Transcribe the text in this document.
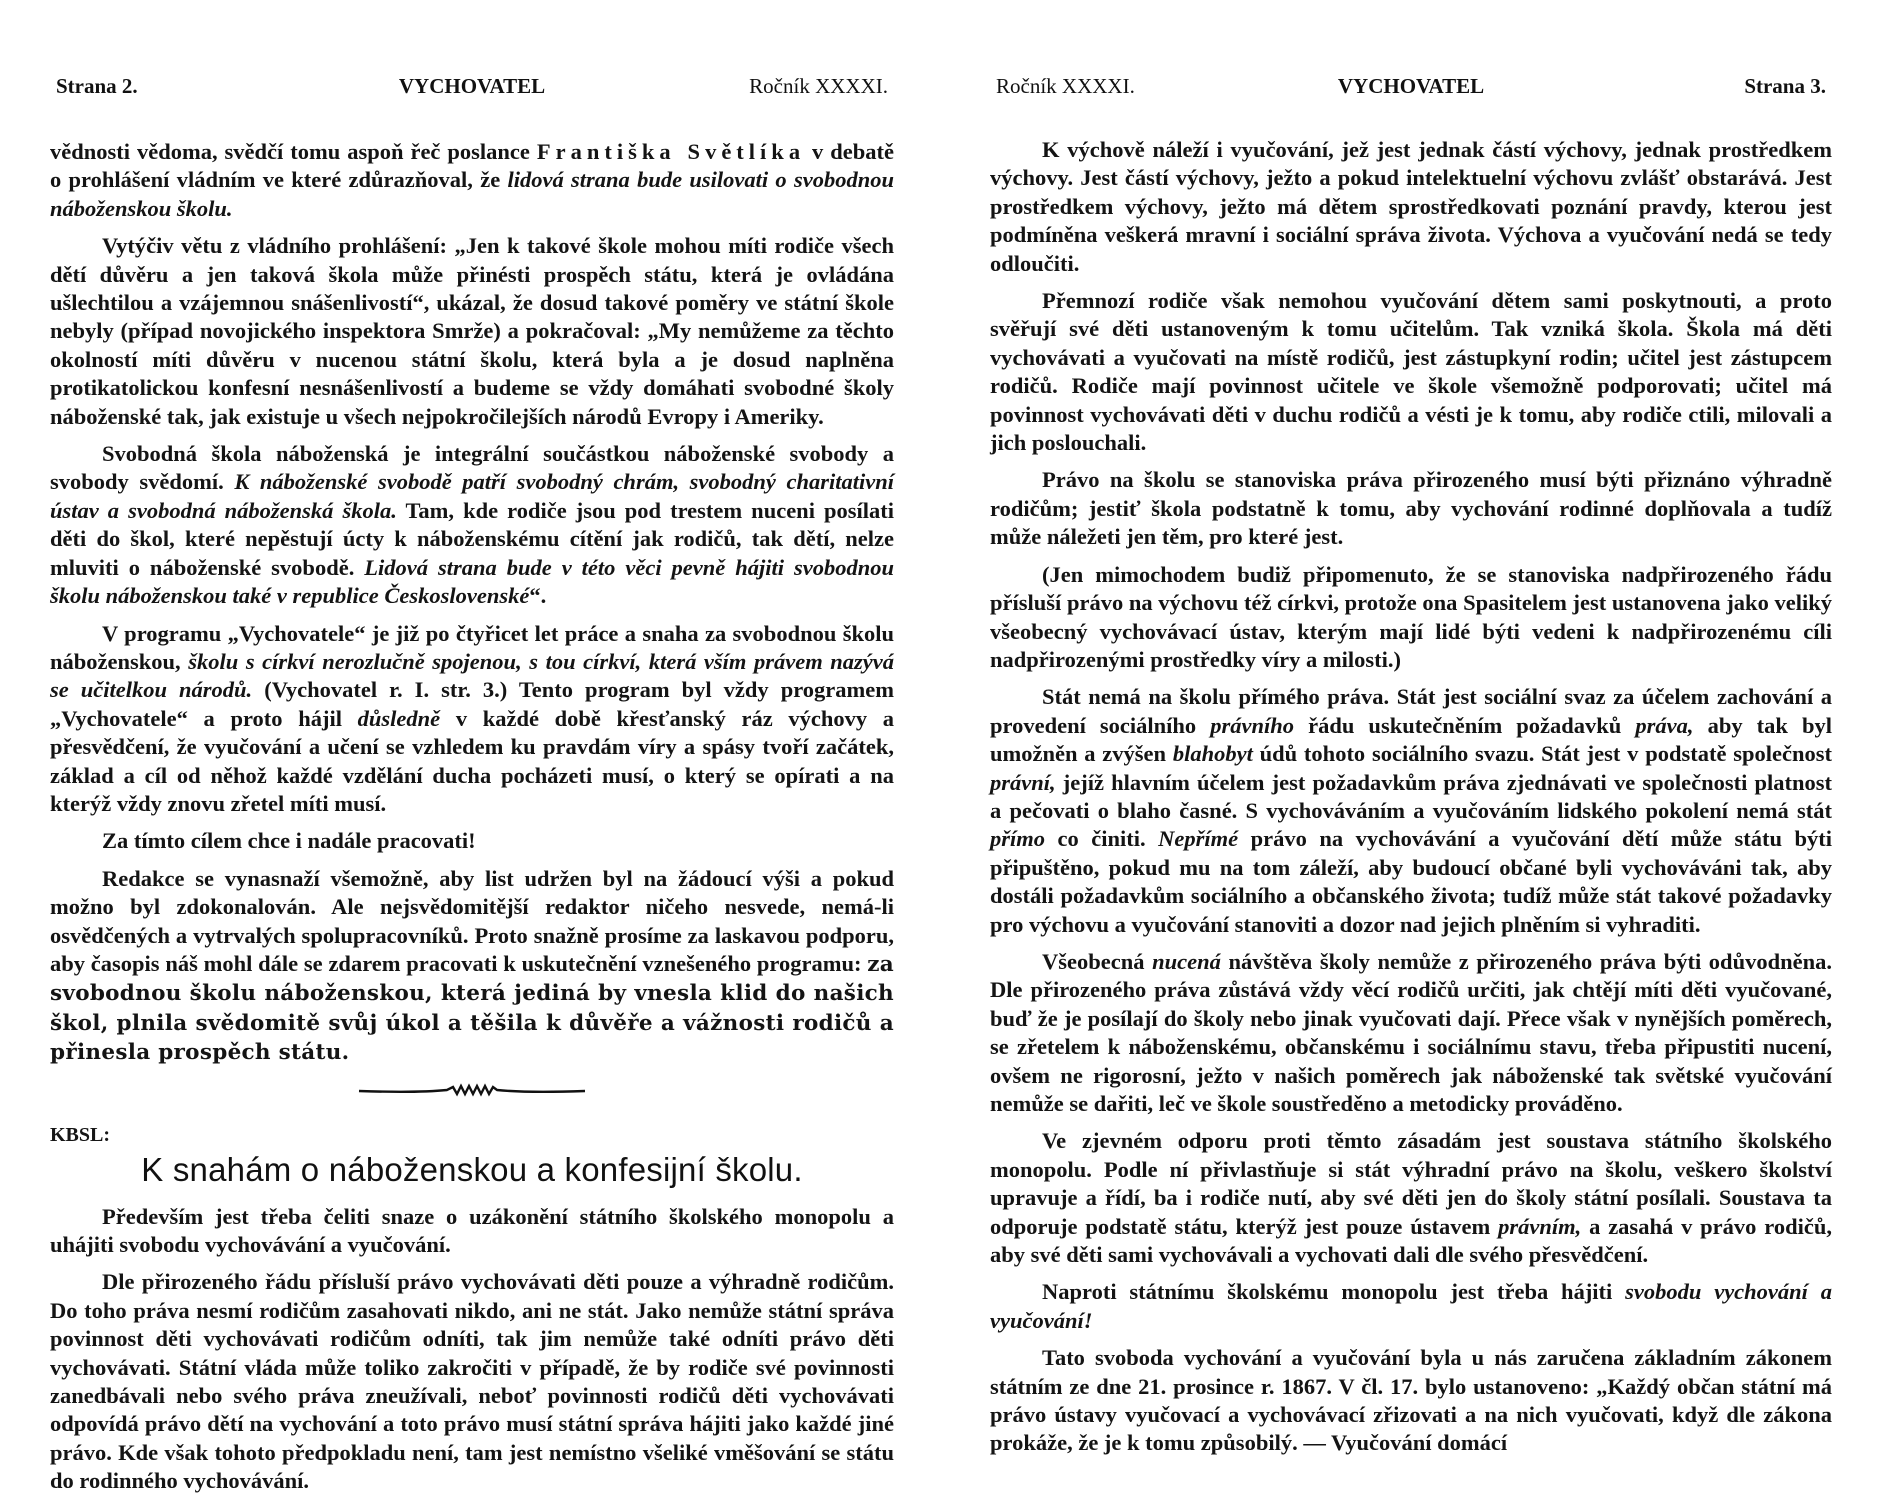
Strana 2.	VYCHOVATEL	Ročník XXXXI.

vědnosti vědoma, svědčí tomu aspoň řeč poslance Františka Světlíka v debatě o prohlášení vládním ve které zdůrazňoval, že lidová strana bude usilovati o svobodnou náboženskou školu.

Vytýčiv větu z vládního prohlášení: „Jen k takové škole mohou míti rodiče všech dětí důvěru a jen taková škola může přinésti prospěch státu, která je ovládána ušlechtilou a vzájemnou snášenlivostí“, ukázal, že dosud takové poměry ve státní škole nebyly (případ novojického inspektora Smrže) a pokračoval: „My nemůžeme za těchto okolností míti důvěru v nucenou státní školu, která byla a je dosud naplněna protikatolickou konfesní nesnášenlivostí a budeme se vždy domáhati svobodné školy náboženské tak, jak existuje u všech nejpokročilejších národů Evropy i Ameriky.

Svobodná škola náboženská je integrální součástkou náboženské svobody a svobody svědomí. K náboženské svobodě patří svobodný chrám, svobodný charitativní ústav a svobodná náboženská škola. Tam, kde rodiče jsou pod trestem nuceni posílati děti do škol, které nepěstují úcty k náboženskému cítění jak rodičů, tak dětí, nelze mluviti o náboženské svobodě. Lidová strana bude v této věci pevně hájiti svobodnou školu náboženskou také v republice Československé“.

V programu „Vychovatele“ je již po čtyřicet let práce a snaha za svobodnou školu náboženskou, školu s církví nerozlučně spojenou, s tou církví, která vším právem nazývá se učitelkou národů. (Vychovatel r. I. str. 3.) Tento program byl vždy programem „Vychovatele“ a proto hájil důsledně v každé době křesťanský ráz výchovy a přesvědčení, že vyučování a učení se vzhledem ku pravdám víry a spásy tvoří začátek, základ a cíl od něhož každé vzdělání ducha pocházeti musí, o který se opírati a na kterýž vždy znovu zřetel míti musí.

Za tímto cílem chce i nadále pracovati!

Redakce se vynasnaží všemožně, aby list udržen byl na žádoucí výši a pokud možno byl zdokonalován. Ale nejsvědomitější redaktor ničeho nesvede, nemá-li osvědčených a vytrvalých spolupracovníků. Proto snažně prosíme za laskavou podporu, aby časopis náš mohl dále se zdarem pracovati k uskutečnění vznešeného programu: za svobodnou školu náboženskou, která jediná by vnesla klid do našich škol, plnila svědomitě svůj úkol a těšila k důvěře a vážnosti rodičů a přinesla prospěch státu.

KBSL:
K snahám o náboženskou a konfesijní školu.

Především jest třeba čeliti snaze o uzákonění státního školského monopolu a uhájiti svobodu vychovávání a vyučování.

Dle přirozeného řádu přísluší právo vychovávati děti pouze a výhradně rodičům. Do toho práva nesmí rodičům zasahovati nikdo, ani ne stát. Jako nemůže státní správa povinnost děti vychovávati rodičům odníti, tak jim nemůže také odníti právo děti vychovávati. Státní vláda může toliko zakročiti v případě, že by rodiče své povinnosti zanedbávali nebo svého práva zneužívali, neboť povinnosti rodičů děti vychovávati odpovídá právo dětí na vychování a toto právo musí státní správa hájiti jako každé jiné právo. Kde však tohoto předpokladu není, tam jest nemístno všeliké vměšování se státu do rodinného vychovávání.

Ročník XXXXI.	VYCHOVATEL	Strana 3.

K výchově náleží i vyučování, jež jest jednak částí výchovy, jednak prostředkem výchovy. Jest částí výchovy, ježto a pokud intelektuelní výchovu zvlášť obstarává. Jest prostředkem výchovy, ježto má dětem sprostředkovati poznání pravdy, kterou jest podmíněna veškerá mravní i sociální správa života. Výchova a vyučování nedá se tedy odloučiti.

Přemnozí rodiče však nemohou vyučování dětem sami poskytnouti, a proto svěřují své děti ustanoveným k tomu učitelům. Tak vzniká škola. Škola má děti vychovávati a vyučovati na místě rodičů, jest zástupkyní rodin; učitel jest zástupcem rodičů. Rodiče mají povinnost učitele ve škole všemožně podporovati; učitel má povinnost vychovávati děti v duchu rodičů a vésti je k tomu, aby rodiče ctili, milovali a jich poslouchali.

Právo na školu se stanoviska práva přirozeného musí býti přiznáno výhradně rodičům; jestiť škola podstatně k tomu, aby vychování rodinné doplňovala a tudíž může náležeti jen těm, pro které jest.

(Jen mimochodem budiž připomenuto, že se stanoviska nadpřirozeného řádu přísluší právo na výchovu též církvi, protože ona Spasitelem jest ustanovena jako veliký všeobecný vychovávací ústav, kterým mají lidé býti vedeni k nadpřirozenému cíli nadpřirozenými prostředky víry a milosti.)

Stát nemá na školu přímého práva. Stát jest sociální svaz za účelem zachování a provedení sociálního právního řádu uskutečněním požadavků práva, aby tak byl umožněn a zvýšen blahobyt údů tohoto sociálního svazu. Stát jest v podstatě společnost právní, jejíž hlavním účelem jest požadavkům práva zjednávati ve společnosti platnost a pečovati o blaho časné. S vychováváním a vyučováním lidského pokolení nemá stát přímo co činiti. Nepřímé právo na vychovávání a vyučování dětí může státu býti připuštěno, pokud mu na tom záleží, aby budoucí občané byli vychováváni tak, aby dostáli požadavkům sociálního a občanského života; tudíž může stát takové požadavky pro výchovu a vyučování stanoviti a dozor nad jejich plněním si vyhraditi.

Všeobecná nucená návštěva školy nemůže z přirozeného práva býti odůvodněna. Dle přirozeného práva zůstává vždy věcí rodičů určiti, jak chtějí míti děti vyučované, buď že je posílají do školy nebo jinak vyučovati dají. Přece však v nynějších poměrech, se zřetelem k náboženskému, občanskému i sociálnímu stavu, třeba připustiti nucení, ovšem ne rigorosní, ježto v našich poměrech jak náboženské tak světské vyučování nemůže se dařiti, leč ve škole soustředěno a metodicky prováděno.

Ve zjevném odporu proti těmto zásadám jest soustava státního školského monopolu. Podle ní přivlastňuje si stát výhradní právo na školu, veškero školství upravuje a řídí, ba i rodiče nutí, aby své děti jen do školy státní posílali. Soustava ta odporuje podstatě státu, kterýž jest pouze ústavem právním, a zasahá v právo rodičů, aby své děti sami vychovávali a vychovati dali dle svého přesvědčení.

Naproti státnímu školskému monopolu jest třeba hájiti svobodu vychování a vyučování!

Tato svoboda vychování a vyučování byla u nás zaručena základním zákonem státním ze dne 21. prosince r. 1867. V čl. 17. bylo ustanoveno: „Každý občan státní má právo ústavy vyučovací a vychovávací zřizovati a na nich vyučovati, když dle zákona prokáže, že je k tomu způsobilý. — Vyučování domácí
